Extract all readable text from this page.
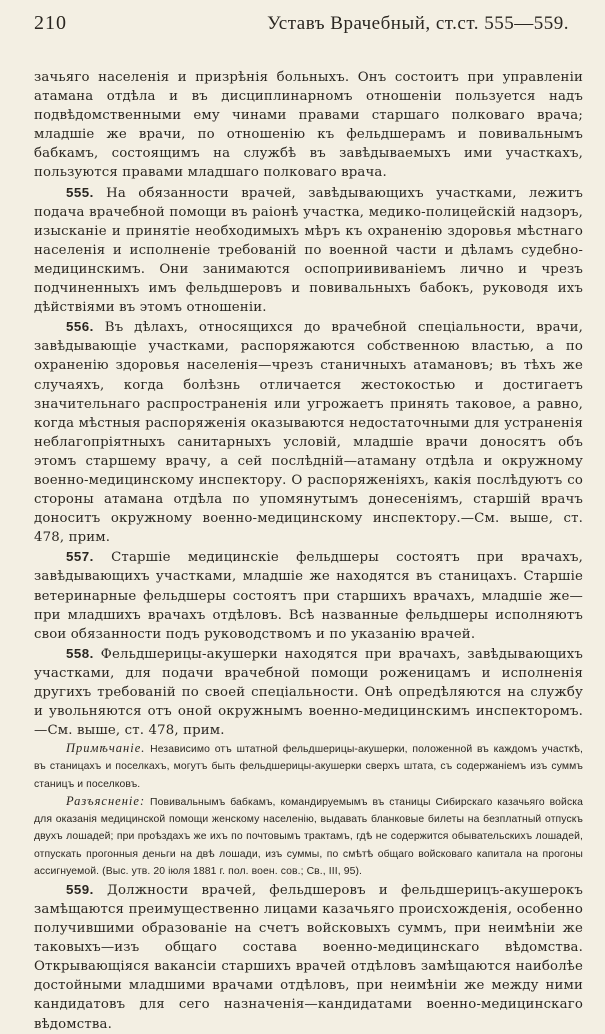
210	Уставъ Врачебный, ст.ст. 555—559.

зачьяго населенія и призрѣнія больныхъ. Онъ состоитъ при управленіи атамана отдѣла и въ дисциплинарномъ отношеніи пользуется надъ подвѣдомственными ему чинами правами старшаго полковаго врача; младшіе же врачи, по отношенію къ фельдшерамъ и повивальнымъ бабкамъ, состоящимъ на службѣ въ завѣдываемыхъ ими участкахъ, пользуются правами младшаго полковаго врача.

555. На обязанности врачей, завѣдывающихъ участками, лежитъ подача врачебной помощи въ раіонѣ участка, медико-полицейскій надзоръ, изысканіе и принятіе необходимыхъ мѣръ къ охраненію здоровья мѣстнаго населенія и исполненіе требованій по военной части и дѣламъ судебно-медицинскимъ. Они занимаются оспоприививаніемъ лично и чрезъ подчиненныхъ имъ фельдшеровъ и повивальныхъ бабокъ, руководя ихъ дѣйствіями въ этомъ отношеніи.

556. Въ дѣлахъ, относящихся до врачебной спеціальности, врачи, завѣдывающіе участками, распоряжаются собственною властью, а по охраненію здоровья населенія—чрезъ станичныхъ атамановъ; въ тѣхъ же случаяхъ, когда болѣзнь отличается жестокостью и достигаетъ значительнаго распространенія или угрожаетъ принять таковое, а равно, когда мѣстныя распоряженія оказываются недостаточными для устраненія неблагопріятныхъ санитарныхъ условій, младшіе врачи доносятъ объ этомъ старшему врачу, а сей послѣдній—атаману отдѣла и окружному военно-медицинскому инспектору. О распоряженіяхъ, какія послѣдуютъ со стороны атамана отдѣла по упомянутымъ донесеніямъ, старшій врачъ доноситъ окружному военно-медицинскому инспектору.—См. выше, ст. 478, прим.

557. Старшіе медицинскіе фельдшеры состоятъ при врачахъ, завѣдывающихъ участками, младшіе же находятся въ станицахъ. Старшіе ветеринарные фельдшеры состоятъ при старшихъ врачахъ, младшіе же—при младшихъ врачахъ отдѣловъ. Всѣ названные фельдшеры исполняютъ свои обязанности подъ руководствомъ и по указанію врачей.

558. Фельдшерицы-акушерки находятся при врачахъ, завѣдывающихъ участками, для подачи врачебной помощи роженицамъ и исполненія другихъ требованій по своей спеціальности. Онѣ опредѣляются на службу и увольняются отъ оной окружнымъ военно-медицинскимъ инспекторомъ.—См. выше, ст. 478, прим.

Примѣчаніе. Независимо отъ штатной фельдшерицы-акушерки, положенной въ каждомъ участкѣ, въ станицахъ и поселкахъ, могутъ быть фельдшерицы-акушерки сверхъ штата, съ содержаніемъ изъ суммъ станицъ и поселковъ.

Разъясненіе: Повивальнымъ бабкамъ, командируемымъ въ станицы Сибирскаго казачьяго войска для оказанія медицинской помощи женскому населенію, выдавать бланковые билеты на безплатный отпускъ двухъ лошадей; при проѣздахъ же ихъ по почтовымъ трактамъ, гдѣ не содержится обывательскихъ лошадей, отпускать прогонныя деньги на двѣ лошади, изъ суммы, по смѣтѣ общаго войсковаго капитала на прогоны ассигнуемой. (Выс. утв. 20 іюля 1881 г. пол. воен. сов.; Св., III, 95).

559. Должности врачей, фельдшеровъ и фельдшерицъ-акушерокъ замѣщаются преимущественно лицами казачьяго происхожденія, особенно получившими образованіе на счетъ войсковыхъ суммъ, при неимѣніи же таковыхъ—изъ общаго состава военно-медицинскаго вѣдомства. Открывающіяся вакансіи старшихъ врачей отдѣловъ замѣщаются наиболѣе достойными младшими врачами отдѣловъ, при неимѣніи же между ними кандидатовъ для сего назначенія—кандидатами военно-медицинскаго вѣдомства.
